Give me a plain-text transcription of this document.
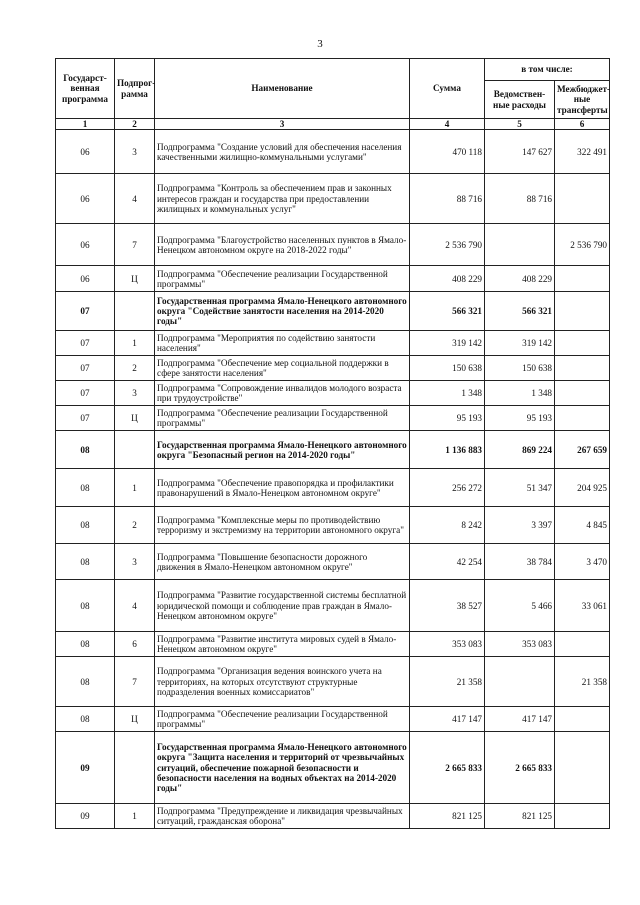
3
Государст-венная программа	Подпрог-рамма	Наименование	Сумма	в том числе:	
				Ведомствен-ные расходы	Межбюджет-ные трансферты
1	2	3	4	5	6
06	3	Подпрограмма "Создание условий для обеспечения населения качественными жилищно-коммунальными услугами"	470 118	147 627	322 491
06	4	Подпрограмма "Контроль за обеспечением прав и законных интересов граждан и государства при предоставлении жилищных и коммунальных услуг"	88 716	88 716	
06	7	Подпрограмма "Благоустройство населенных пунктов в Ямало-Ненецком автономном округе на 2018-2022 годы"	2 536 790		2 536 790
06	Ц	Подпрограмма "Обеспечение реализации Государственной программы"	408 229	408 229	
07		Государственная программа Ямало-Ненецкого автономного округа "Содействие занятости населения на 2014-2020 годы"	566 321	566 321	
07	1	Подпрограмма "Мероприятия по содействию занятости населения"	319 142	319 142	
07	2	Подпрограмма "Обеспечение мер социальной поддержки в сфере занятости населения"	150 638	150 638	
07	3	Подпрограмма "Сопровождение инвалидов молодого возраста при трудоустройстве"	1 348	1 348	
07	Ц	Подпрограмма "Обеспечение реализации Государственной программы"	95 193	95 193	
08		Государственная программа Ямало-Ненецкого автономного округа "Безопасный регион на 2014-2020 годы"	1 136 883	869 224	267 659
08	1	Подпрограмма "Обеспечение правопорядка и профилактики правонарушений в Ямало-Ненецком автономном округе"	256 272	51 347	204 925
08	2	Подпрограмма "Комплексные меры по противодействию терроризму и экстремизму на территории автономного округа"	8 242	3 397	4 845
08	3	Подпрограмма "Повышение безопасности дорожного движения в Ямало-Ненецком автономном округе"	42 254	38 784	3 470
08	4	Подпрограмма "Развитие государственной системы бесплатной юридической помощи и соблюдение прав граждан в Ямало-Ненецком автономном округе"	38 527	5 466	33 061
08	6	Подпрограмма "Развитие института мировых судей в Ямало-Ненецком автономном округе"	353 083	353 083	
08	7	Подпрограмма "Организация ведения воинского учета на территориях, на которых отсутствуют структурные подразделения военных комиссариатов"	21 358		21 358
08	Ц	Подпрограмма "Обеспечение реализации Государственной программы"	417 147	417 147	
09		Государственная программа Ямало-Ненецкого автономного округа "Защита населения и территорий от чрезвычайных ситуаций, обеспечение пожарной безопасности и безопасности населения на водных объектах на 2014-2020 годы"	2 665 833	2 665 833	
09	1	Подпрограмма "Предупреждение и ликвидация чрезвычайных ситуаций, гражданская оборона"	821 125	821 125	
